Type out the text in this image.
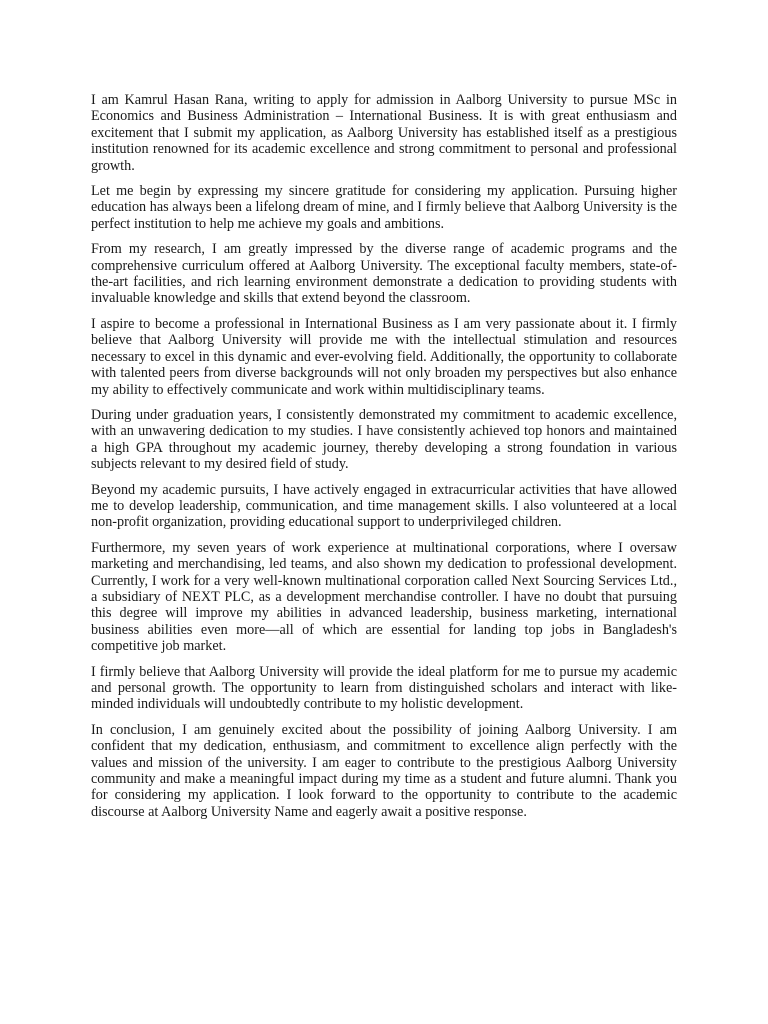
I am Kamrul Hasan Rana, writing to apply for admission in Aalborg University to pursue MSc in Economics and Business Administration – International Business. It is with great enthusiasm and excitement that I submit my application, as Aalborg University has established itself as a prestigious institution renowned for its academic excellence and strong commitment to personal and professional growth.

Let me begin by expressing my sincere gratitude for considering my application. Pursuing higher education has always been a lifelong dream of mine, and I firmly believe that Aalborg University is the perfect institution to help me achieve my goals and ambitions.

From my research, I am greatly impressed by the diverse range of academic programs and the comprehensive curriculum offered at Aalborg University. The exceptional faculty members, state-of-the-art facilities, and rich learning environment demonstrate a dedication to providing students with invaluable knowledge and skills that extend beyond the classroom.

I aspire to become a professional in International Business as I am very passionate about it. I firmly believe that Aalborg University will provide me with the intellectual stimulation and resources necessary to excel in this dynamic and ever-evolving field. Additionally, the opportunity to collaborate with talented peers from diverse backgrounds will not only broaden my perspectives but also enhance my ability to effectively communicate and work within multidisciplinary teams.

During under graduation years, I consistently demonstrated my commitment to academic excellence, with an unwavering dedication to my studies. I have consistently achieved top honors and maintained a high GPA throughout my academic journey, thereby developing a strong foundation in various subjects relevant to my desired field of study.

Beyond my academic pursuits, I have actively engaged in extracurricular activities that have allowed me to develop leadership, communication, and time management skills. I also volunteered at a local non-profit organization, providing educational support to underprivileged children.

Furthermore, my seven years of work experience at multinational corporations, where I oversaw marketing and merchandising, led teams, and also shown my dedication to professional development. Currently, I work for a very well-known multinational corporation called Next Sourcing Services Ltd., a subsidiary of NEXT PLC, as a development merchandise controller. I have no doubt that pursuing this degree will improve my abilities in advanced leadership, business marketing, international business abilities even more—all of which are essential for landing top jobs in Bangladesh's competitive job market.

I firmly believe that Aalborg University will provide the ideal platform for me to pursue my academic and personal growth. The opportunity to learn from distinguished scholars and interact with like-minded individuals will undoubtedly contribute to my holistic development.

In conclusion, I am genuinely excited about the possibility of joining Aalborg University. I am confident that my dedication, enthusiasm, and commitment to excellence align perfectly with the values and mission of the university. I am eager to contribute to the prestigious Aalborg University community and make a meaningful impact during my time as a student and future alumni. Thank you for considering my application. I look forward to the opportunity to contribute to the academic discourse at Aalborg University Name and eagerly await a positive response.
